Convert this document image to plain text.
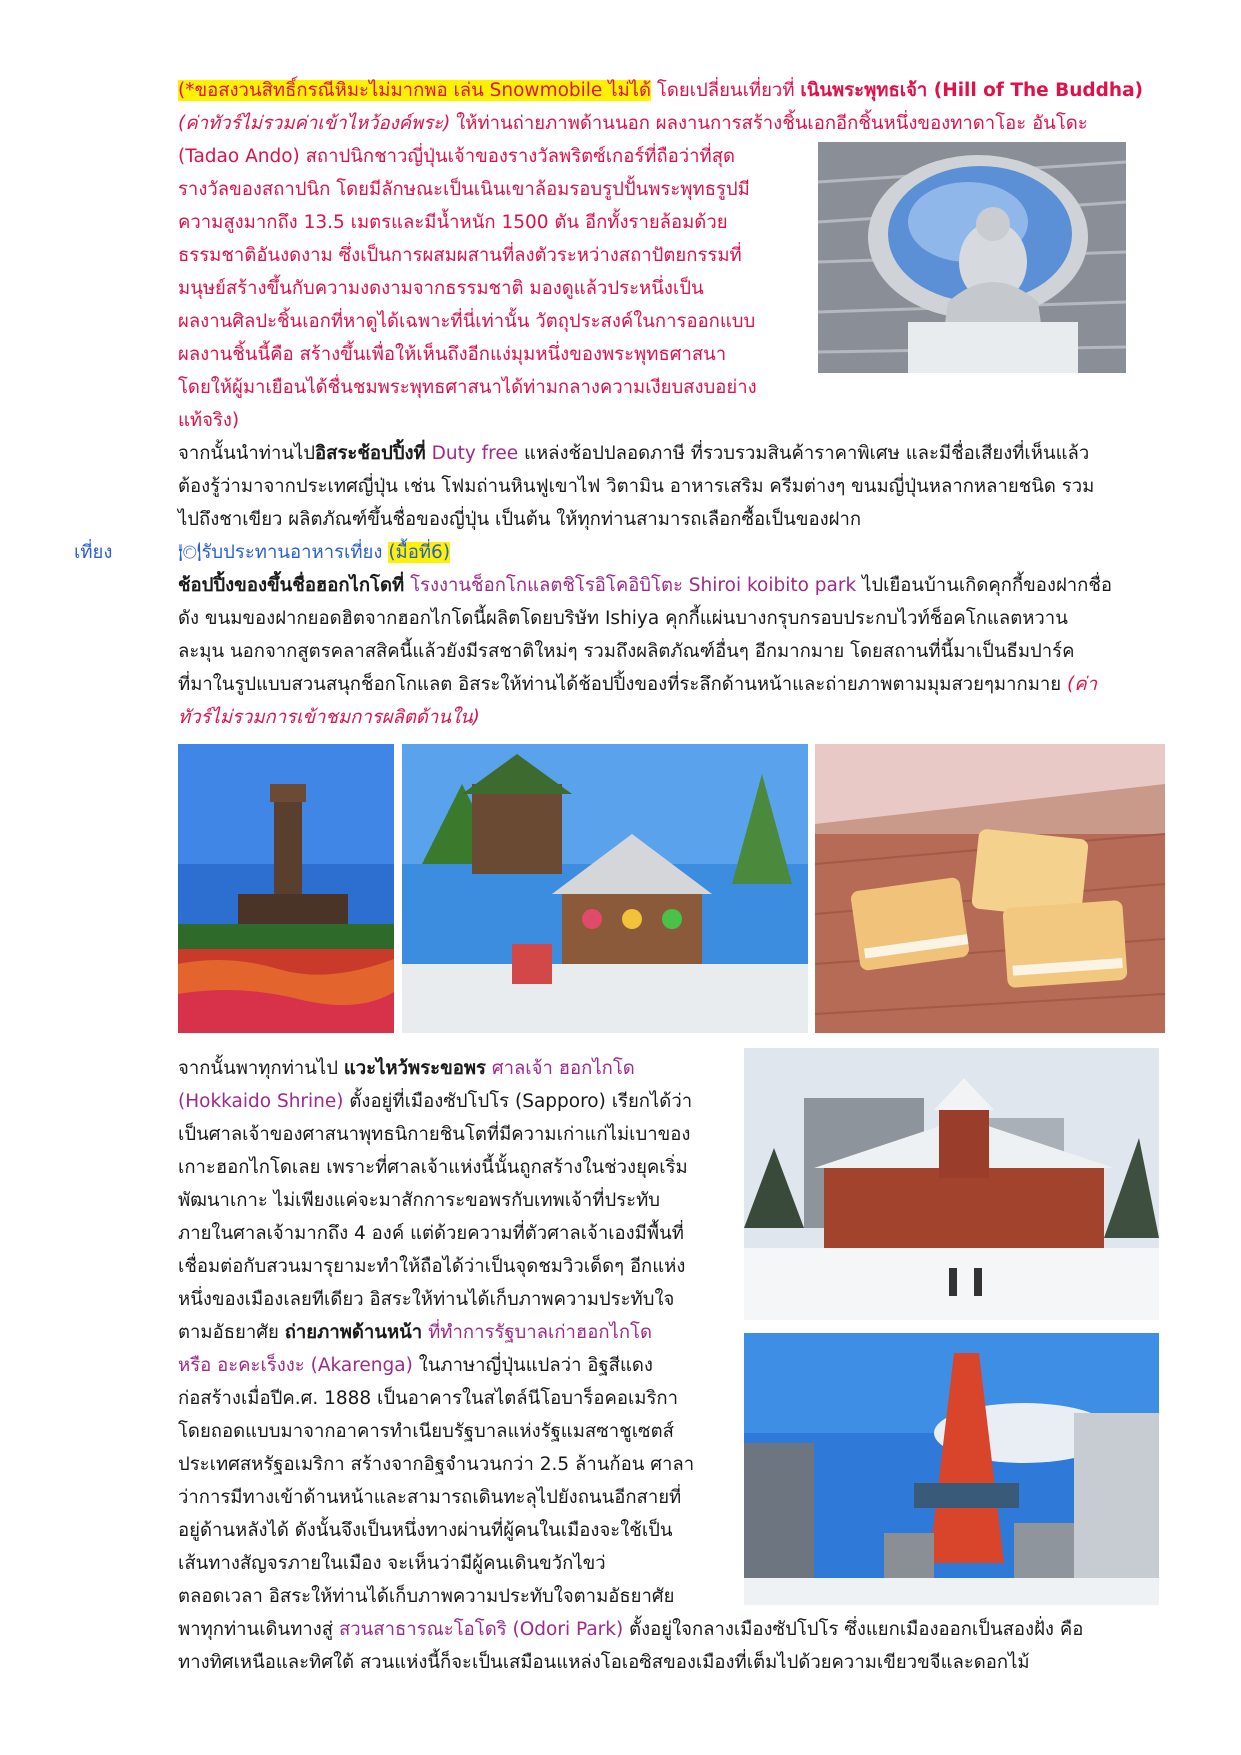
(*ขอสงวนสิทธิ์กรณีหิมะไม่มากพอ เล่น Snowmobile ไม่ได้ โดยเปลี่ยนเที่ยวที่ เนินพระพุทธเจ้า (Hill of The Buddha)
(ค่าทัวร์ไม่รวมค่าเข้าไหว้องค์พระ) ให้ท่านถ่ายภาพด้านนอก ผลงานการสร้างชิ้นเอกอีกชิ้นหนึ่งของทาดาโอะ อันโดะ
(Tadao Ando) สถาปนิกชาวญี่ปุ่นเจ้าของรางวัลพริตซ์เกอร์ที่ถือว่าที่สุด
รางวัลของสถาปนิก โดยมีลักษณะเป็นเนินเขาล้อมรอบรูปปั้นพระพุทธรูปมี
ความสูงมากถึง 13.5 เมตรและมีน้ำหนัก 1500 ตัน อีกทั้งรายล้อมด้วย
ธรรมชาติอันงดงาม ซึ่งเป็นการผสมผสานที่ลงตัวระหว่างสถาปัตยกรรมที่
มนุษย์สร้างขึ้นกับความงดงามจากธรรมชาติ มองดูแล้วประหนึ่งเป็น
ผลงานศิลปะชิ้นเอกที่หาดูได้เฉพาะที่นี่เท่านั้น วัตถุประสงค์ในการออกแบบ
ผลงานชิ้นนี้คือ สร้างขึ้นเพื่อให้เห็นถึงอีกแง่มุมหนึ่งของพระพุทธศาสนา
โดยให้ผู้มาเยือนได้ชื่นชมพระพุทธศาสนาได้ท่ามกลางความเงียบสงบอย่าง
แท้จริง)
จากนั้นนำท่านไปอิสระช้อปปิ้งที่ Duty free แหล่งช้อปปลอดภาษี ที่รวบรวมสินค้าราคาพิเศษ และมีชื่อเสียงที่เห็นแล้ว
ต้องรู้ว่ามาจากประเทศญี่ปุ่น เช่น โฟมถ่านหินฟูเขาไฟ วิตามิน อาหารเสริม ครีมต่างๆ ขนมญี่ปุ่นหลากหลายชนิด รวม
ไปถึงชาเขียว ผลิตภัณฑ์ขึ้นชื่อของญี่ปุ่น เป็นต้น ให้ทุกท่านสามารถเลือกซื้อเป็นของฝาก
เที่ยง	🍽รับประทานอาหารเที่ยง (มื้อที่6)
ช้อปปิ้งของขึ้นชื่อฮอกไกโดที่ โรงงานช็อกโกแลตชิโรอิโคอิบิโตะ Shiroi koibito park ไปเยือนบ้านเกิดคุกกี้ของฝากชื่อ
ดัง ขนมของฝากยอดฮิตจากฮอกไกโดนี้ผลิตโดยบริษัท Ishiya คุกกี้แผ่นบางกรุบกรอบประกบไวท์ช็อคโกแลตหวาน
ละมุน นอกจากสูตรคลาสสิคนี้แล้วยังมีรสชาติใหม่ๆ รวมถึงผลิตภัณฑ์อื่นๆ อีกมากมาย โดยสถานที่นี้มาเป็นธีมปาร์ค
ที่มาในรูปแบบสวนสนุกช็อกโกแลต อิสระให้ท่านได้ช้อปปิ้งของที่ระลึกด้านหน้าและถ่ายภาพตามมุมสวยๆมากมาย (ค่า
ทัวร์ไม่รวมการเข้าชมการผลิตด้านใน)
จากนั้นพาทุกท่านไป แวะไหว้พระขอพร ศาลเจ้า ฮอกไกโด
(Hokkaido Shrine) ตั้งอยู่ที่เมืองซัปโปโร (Sapporo) เรียกได้ว่า
เป็นศาลเจ้าของศาสนาพุทธนิกายชินโตที่มีความเก่าแก่ไม่เบาของ
เกาะฮอกไกโดเลย เพราะที่ศาลเจ้าแห่งนี้นั้นถูกสร้างในช่วงยุคเริ่ม
พัฒนาเกาะ ไม่เพียงแค่จะมาสักการะขอพรกับเทพเจ้าที่ประทับ
ภายในศาลเจ้ามากถึง 4 องค์ แต่ด้วยความที่ตัวศาลเจ้าเองมีพื้นที่
เชื่อมต่อกับสวนมารุยามะทำให้ถือได้ว่าเป็นจุดชมวิวเด็ดๆ อีกแห่ง
หนึ่งของเมืองเลยทีเดียว อิสระให้ท่านได้เก็บภาพความประทับใจ
ตามอัธยาศัย ถ่ายภาพด้านหน้า ที่ทำการรัฐบาลเก่าฮอกไกโด
หรือ อะคะเร็งงะ (Akarenga) ในภาษาญี่ปุ่นแปลว่า อิฐสีแดง
ก่อสร้างเมื่อปีค.ศ. 1888 เป็นอาคารในสไตล์นีโอบาร็อคอเมริกา
โดยถอดแบบมาจากอาคารทำเนียบรัฐบาลแห่งรัฐแมสซาชูเซตส์
ประเทศสหรัฐอเมริกา สร้างจากอิฐจำนวนกว่า 2.5 ล้านก้อน ศาลา
ว่าการมีทางเข้าด้านหน้าและสามารถเดินทะลุไปยังถนนอีกสายที่
อยู่ด้านหลังได้ ดังนั้นจึงเป็นหนึ่งทางผ่านที่ผู้คนในเมืองจะใช้เป็น
เส้นทางสัญจรภายในเมือง จะเห็นว่ามีผู้คนเดินขวักไขว่
ตลอดเวลา อิสระให้ท่านได้เก็บภาพความประทับใจตามอัธยาศัย
พาทุกท่านเดินทางสู่ สวนสาธารณะโอโดริ (Odori Park) ตั้งอยู่ใจกลางเมืองซัปโปโร ซึ่งแยกเมืองออกเป็นสองฝั่ง คือ
ทางทิศเหนือและทิศใต้ สวนแห่งนี้ก็จะเป็นเสมือนแหล่งโอเอซิสของเมืองที่เต็มไปด้วยความเขียวขจีและดอกไม้
